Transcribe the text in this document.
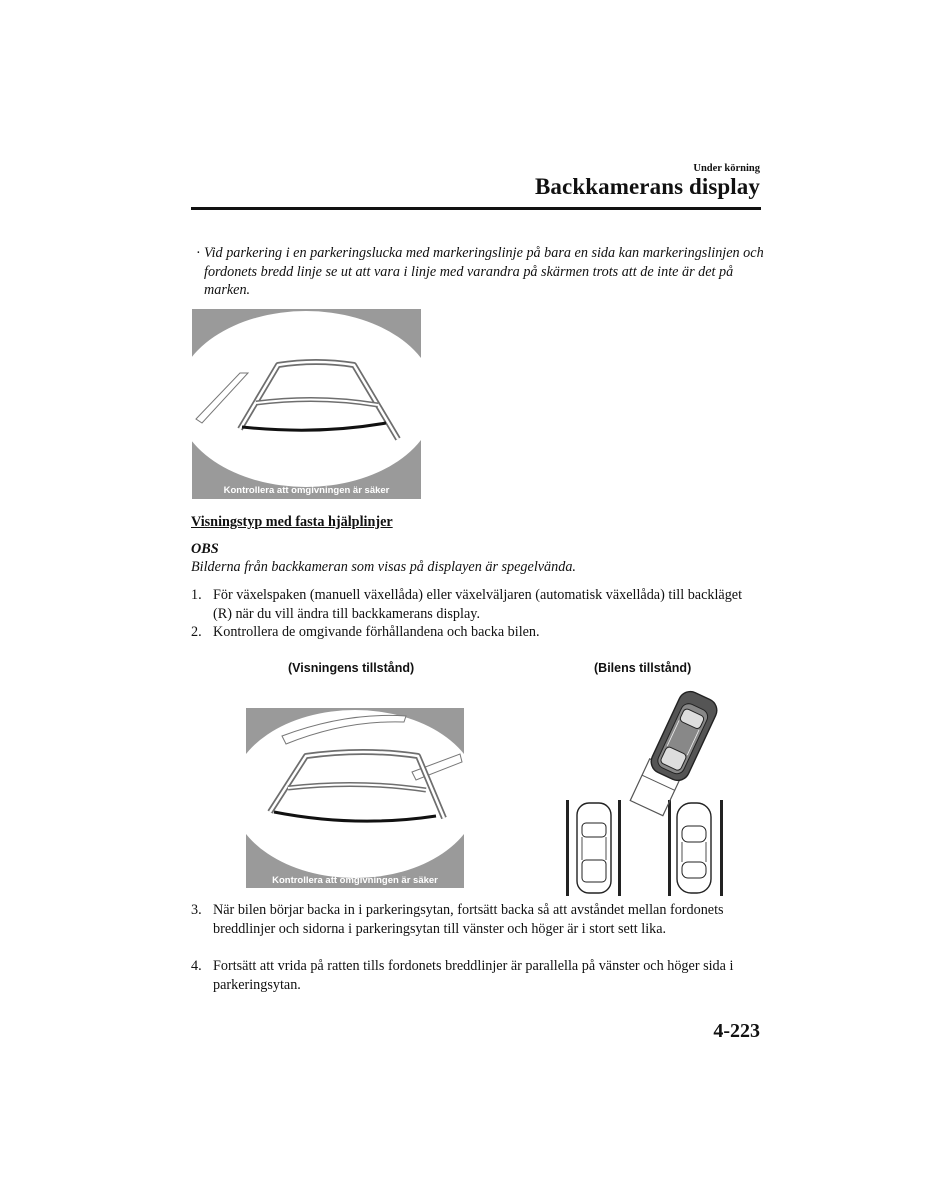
Under körning
Backkamerans display
· Vid parkering i en parkeringslucka med markeringslinje på bara en sida kan markeringslinjen och fordonets bredd linje se ut att vara i linje med varandra på skärmen trots att de inte är det på marken.
Kontrollera att omgivningen är säker
Visningstyp med fasta hjälplinjer
OBS
Bilderna från backkameran som visas på displayen är spegelvända.
1. För växelspaken (manuell växellåda) eller växelväljaren (automatisk växellåda) till backläget (R) när du vill ändra till backkamerans display.
2. Kontrollera de omgivande förhållandena och backa bilen.
(Visningens tillstånd)	(Bilens tillstånd)
Kontrollera att omgivningen är säker
3. När bilen börjar backa in i parkeringsytan, fortsätt backa så att avståndet mellan fordonets breddlinjer och sidorna i parkeringsytan till vänster och höger är i stort sett lika.
4. Fortsätt att vrida på ratten tills fordonets breddlinjer är parallella på vänster och höger sida i parkeringsytan.
4-223
